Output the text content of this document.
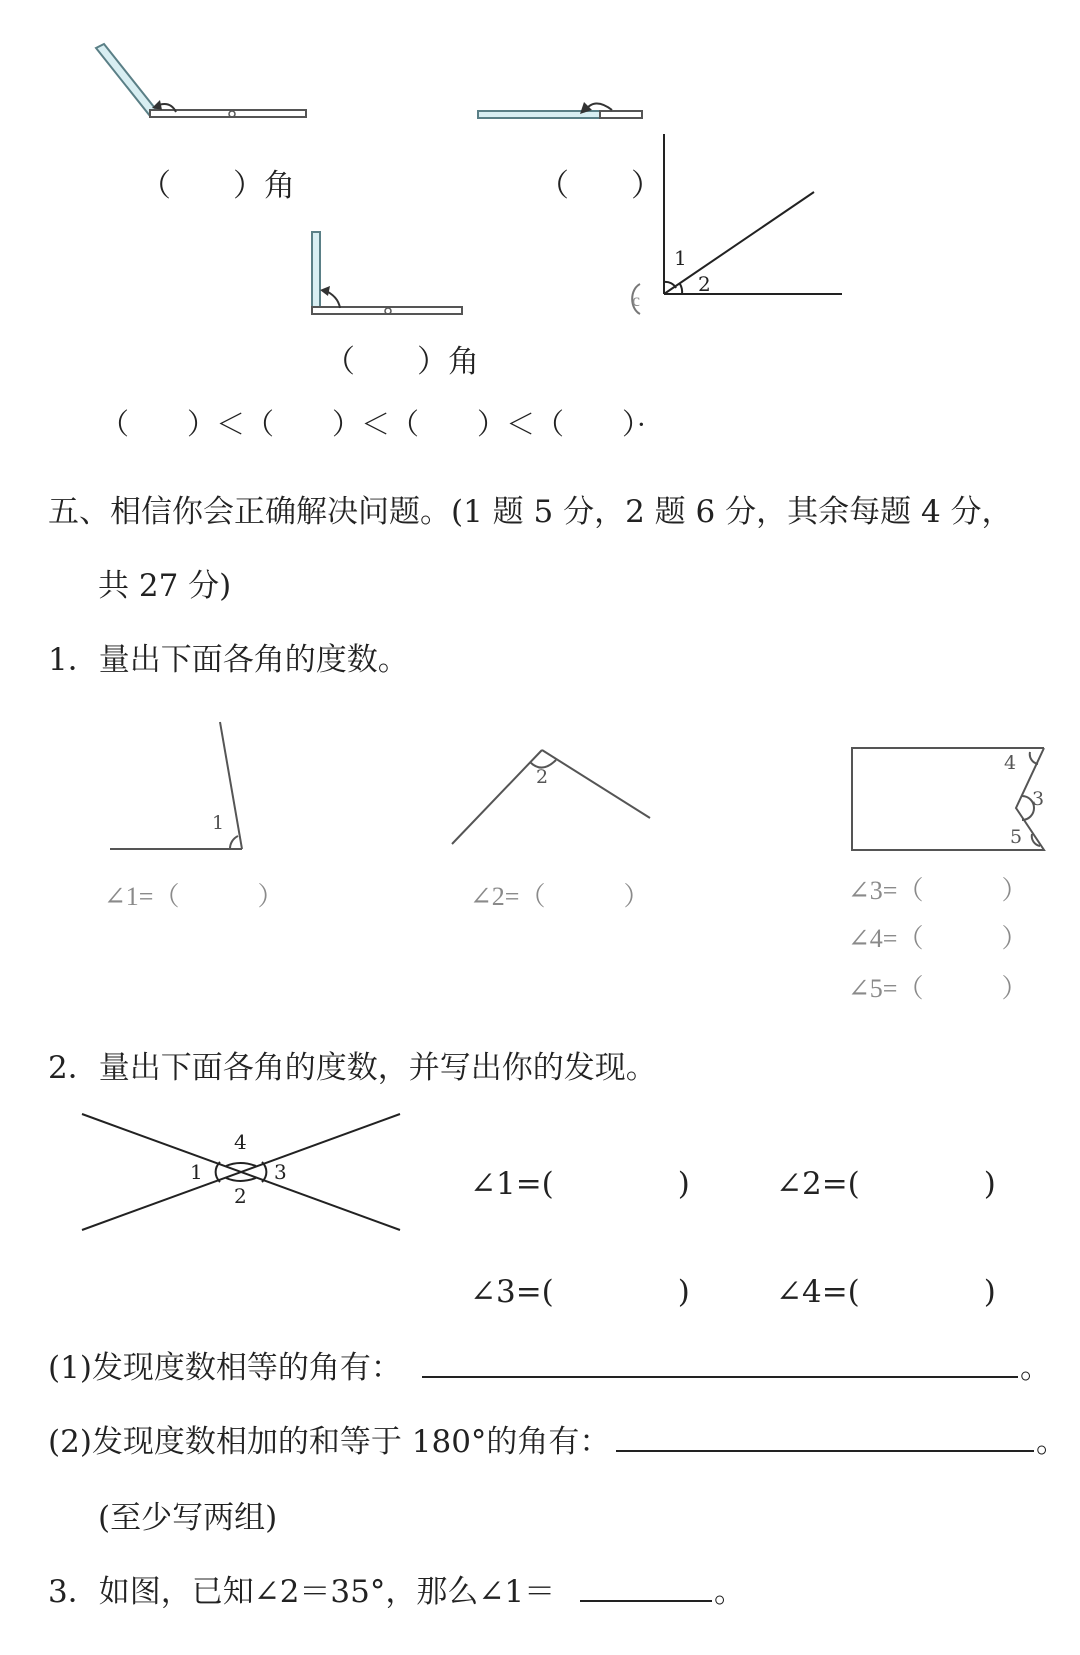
（　　）角	（　　）
（　　）角
（　　）＜（　　）＜（　　）＜（　　）·
c
1
2
五、相信你会正确解决问题。(1 题 5 分，2 题 6 分，其余每题 4 分，
共 27 分)
1．量出下面各角的度数。
1
2
4
3
5
∠1=（　　　）	∠2=（　　　）	∠3=（　　　）
∠4=（　　　）
∠5=（　　　）
2．量出下面各角的度数，并写出你的发现。
4
1	3
2	∠1=(　　　　)	∠2=(　　　　)
∠3=(　　　　)	∠4=(　　　　)
(1)发现度数相等的角有：	。
(2)发现度数相加的和等于 180°的角有：	。
(至少写两组)
3．如图，已知∠2＝35°，那么∠1＝	。
